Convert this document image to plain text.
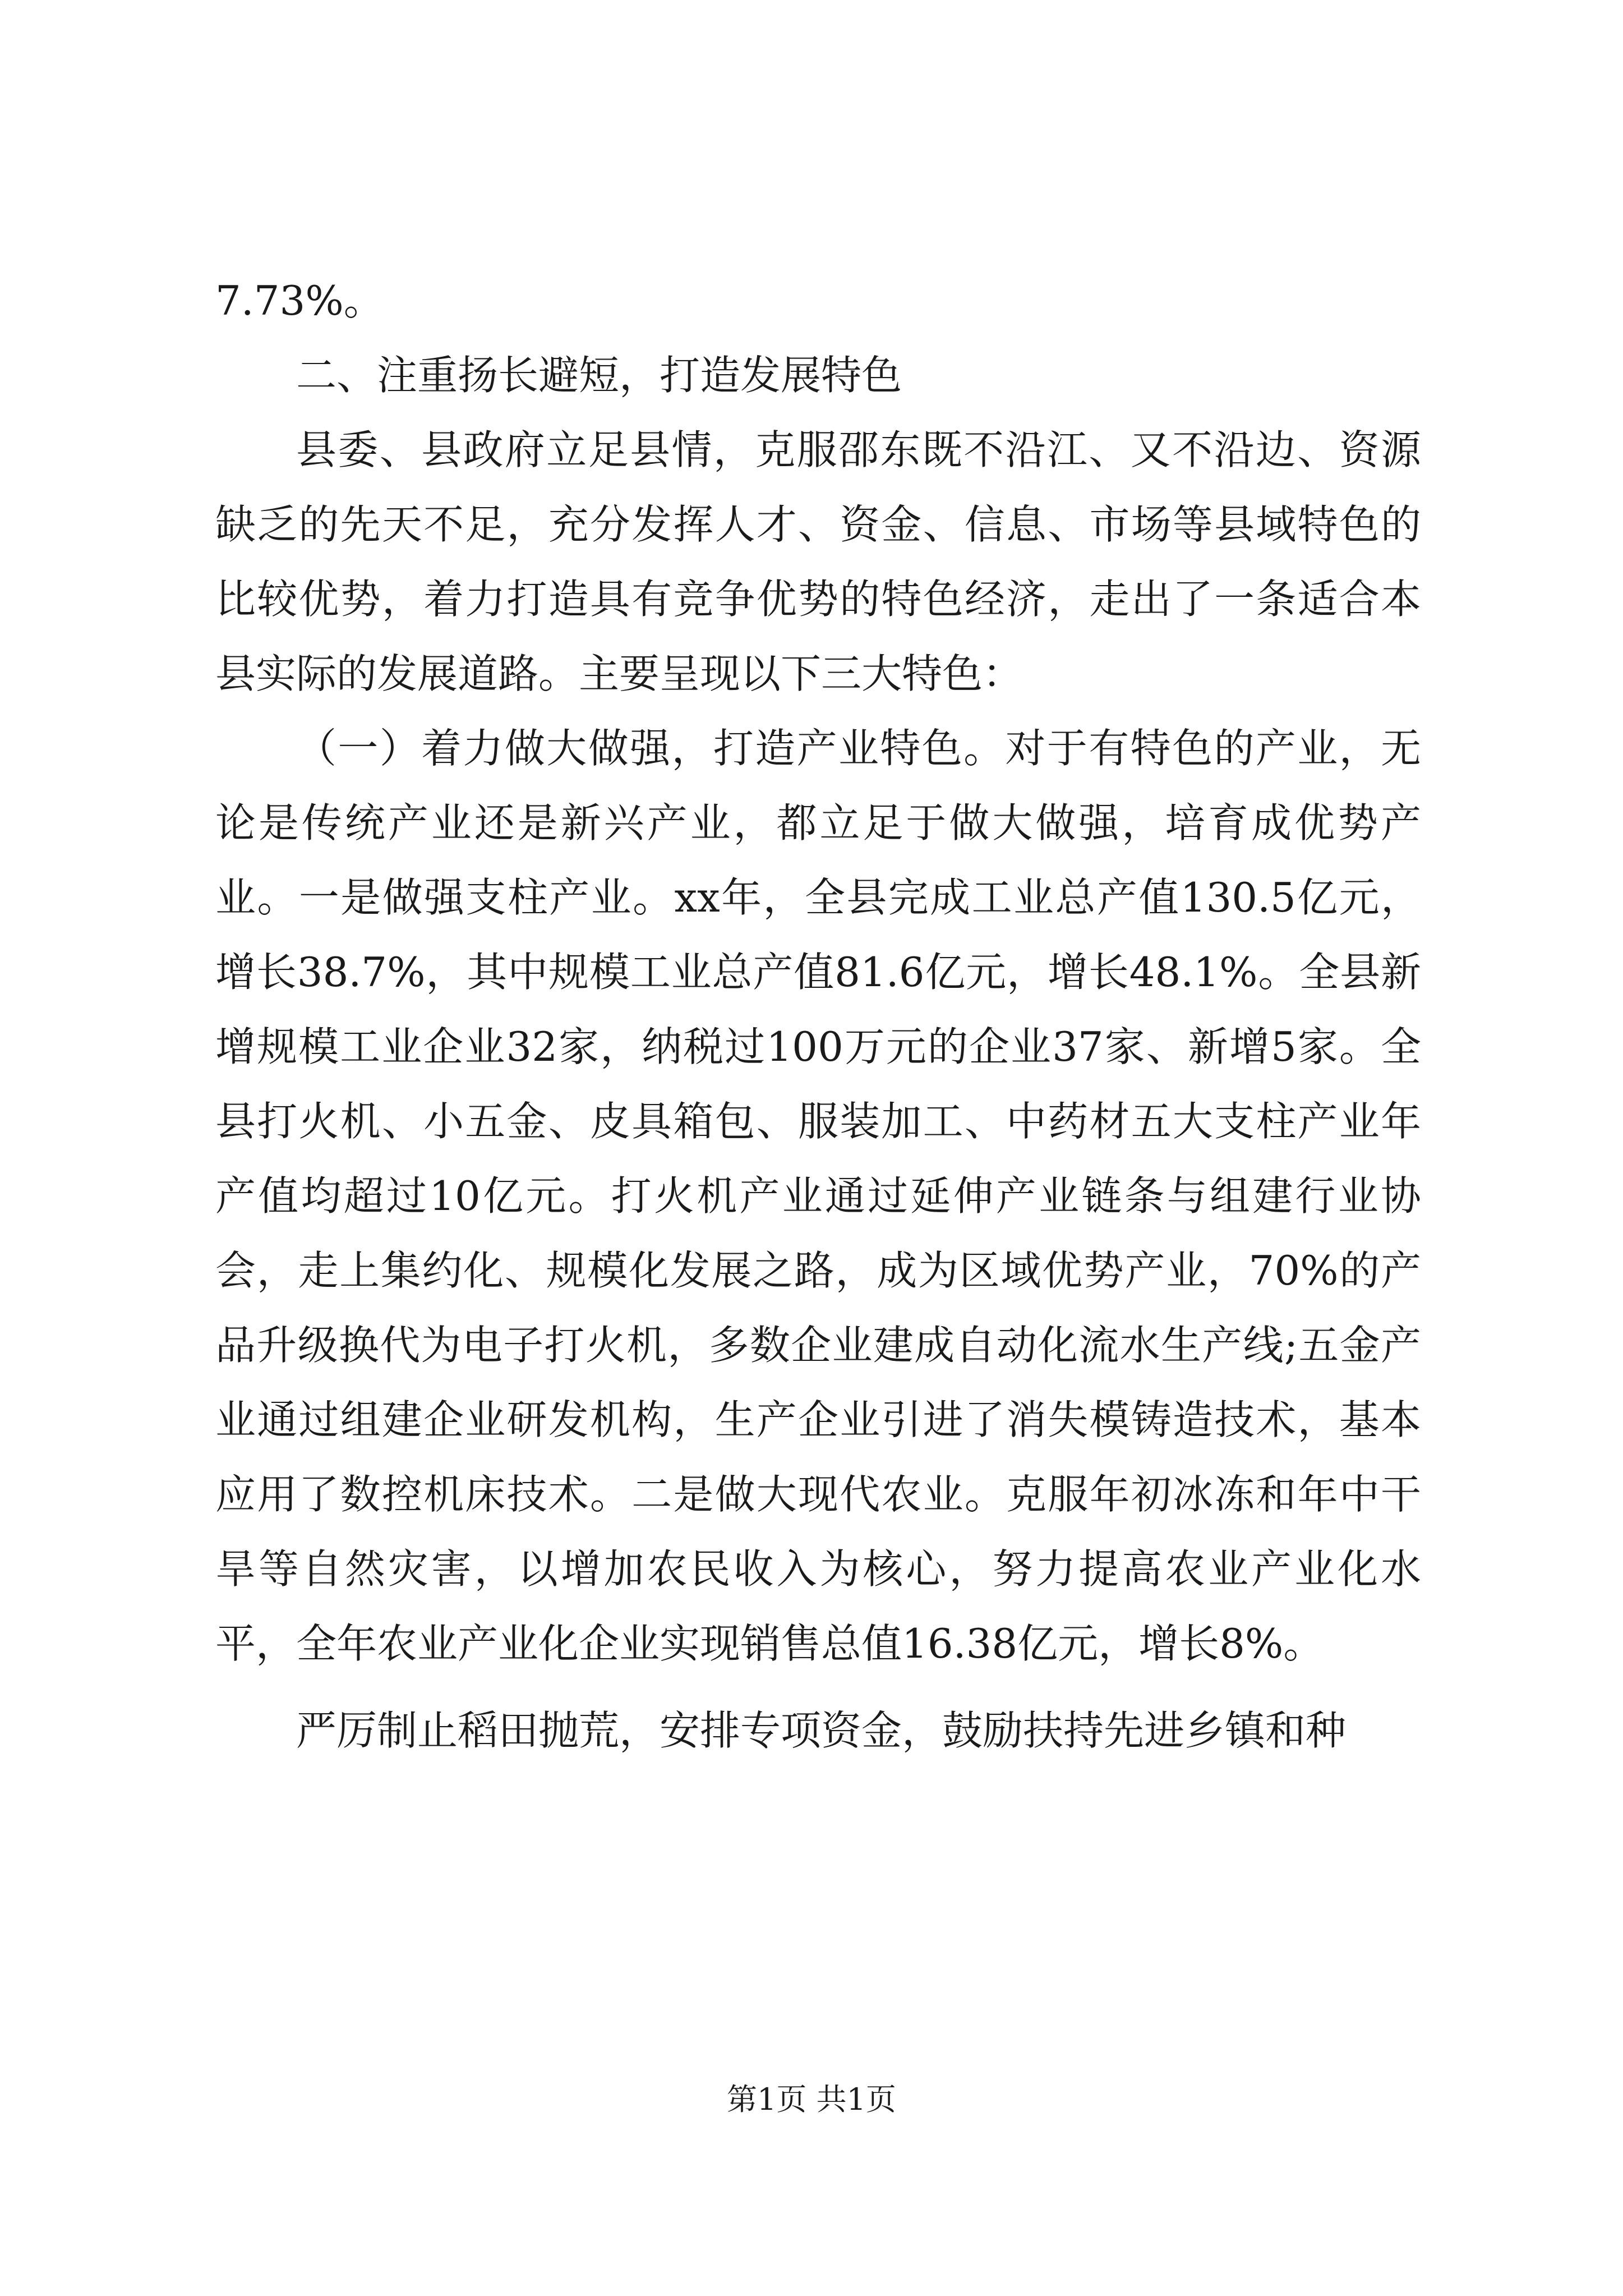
7.73%。

二、注重扬长避短，打造发展特色

县委、县政府立足县情，克服邵东既不沿江、又不沿边、资源缺乏的先天不足，充分发挥人才、资金、信息、市场等县域特色的比较优势，着力打造具有竞争优势的特色经济，走出了一条适合本县实际的发展道路。主要呈现以下三大特色：

（一）着力做大做强，打造产业特色。对于有特色的产业，无论是传统产业还是新兴产业，都立足于做大做强，培育成优势产业。一是做强支柱产业。xx年，全县完成工业总产值130.5亿元，增长38.7%，其中规模工业总产值81.6亿元，增长48.1%。全县新增规模工业企业32家，纳税过100万元的企业37家、新增5家。全县打火机、小五金、皮具箱包、服装加工、中药材五大支柱产业年产值均超过10亿元。打火机产业通过延伸产业链条与组建行业协会，走上集约化、规模化发展之路，成为区域优势产业，70%的产品升级换代为电子打火机，多数企业建成自动化流水生产线;五金产业通过组建企业研发机构，生产企业引进了消失模铸造技术，基本应用了数控机床技术。二是做大现代农业。克服年初冰冻和年中干旱等自然灾害，以增加农民收入为核心，努力提高农业产业化水平，全年农业产业化企业实现销售总值16.38亿元，增长8%。

严厉制止稻田抛荒，安排专项资金，鼓励扶持先进乡镇和种

第1页 共1页
